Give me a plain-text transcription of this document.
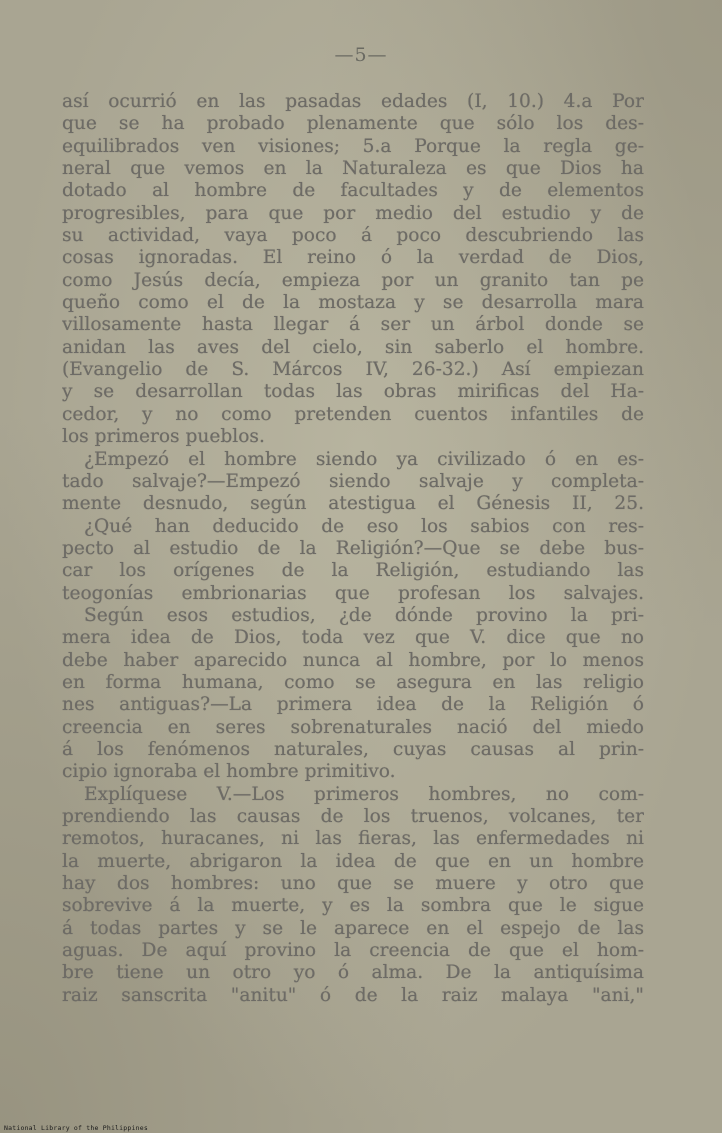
—5—
así ocurrió en las pasadas edades (I, 10.) 4.a Por
que se ha probado plenamente que sólo los des-
equilibrados ven visiones; 5.a Porque la regla ge-
neral que vemos en la Naturaleza es que Dios ha
dotado al hombre de facultades y de elementos
progresibles, para que por medio del estudio y de
su actividad, vaya poco á poco descubriendo las
cosas ignoradas. El reino ó la verdad de Dios,
como Jesús decía, empieza por un granito tan pe
queño como el de la mostaza y se desarrolla mara
villosamente hasta llegar á ser un árbol donde se
anidan las aves del cielo, sin saberlo el hombre.
(Evangelio de S. Márcos IV, 26-32.) Así empiezan
y se desarrollan todas las obras mirificas del Ha-
cedor, y no como pretenden cuentos infantiles de
los primeros pueblos.
¿Empezó el hombre siendo ya civilizado ó en es-
tado salvaje?—Empezó siendo salvaje y completa-
mente desnudo, según atestigua el Génesis II, 25.
¿Qué han deducido de eso los sabios con res-
pecto al estudio de la Religión?—Que se debe bus-
car los orígenes de la Religión, estudiando las
teogonías embrionarias que profesan los salvajes.
Según esos estudios, ¿de dónde provino la pri-
mera idea de Dios, toda vez que V. dice que no
debe haber aparecido nunca al hombre, por lo menos
en forma humana, como se asegura en las religio
nes antiguas?—La primera idea de la Religión ó
creencia en seres sobrenaturales nació del miedo
á los fenómenos naturales, cuyas causas al prin-
cipio ignoraba el hombre primitivo.
Explíquese V.—Los primeros hombres, no com-
prendiendo las causas de los truenos, volcanes, ter
remotos, huracanes, ni las fieras, las enfermedades ni
la muerte, abrigaron la idea de que en un hombre
hay dos hombres: uno que se muere y otro que
sobrevive á la muerte, y es la sombra que le sigue
á todas partes y se le aparece en el espejo de las
aguas. De aquí provino la creencia de que el hom-
bre tiene un otro yo ó alma. De la antiquísima
raiz sanscrita "anitu" ó de la raiz malaya "ani,"
National Library of the Philippines
